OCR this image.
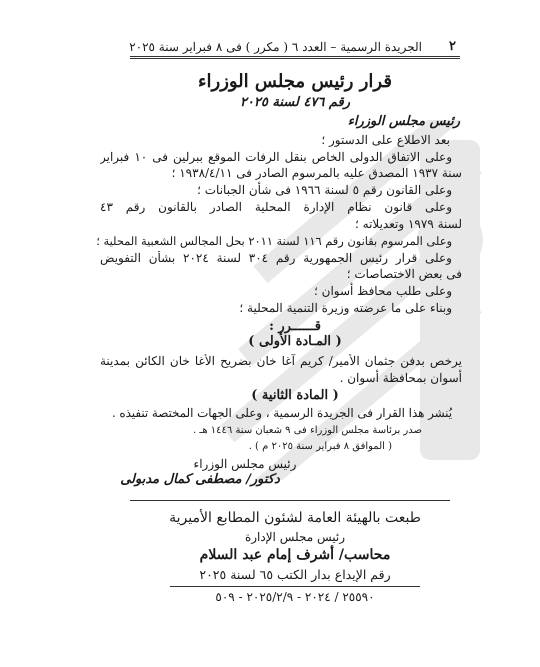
٢
الجريدة الرسمية – العدد ٦ ( مكرر ) فى ٨ فبراير سنة ٢٠٢٥
قرار رئيس مجلس الوزراء
رقم ٤٧٦ لسنة ٢٠٢٥
رئيس مجلس الوزراء
بعد الاطلاع على الدستور ؛
وعلى الاتفاق الدولى الخاص بنقل الرفات الموقع ببرلين فى ١٠ فبراير
سنة ١٩٣٧ المصدق عليه بالمرسوم الصادر فى ١٩٣٨/٤/١١ ؛
وعلى القانون رقم ٥ لسنة ١٩٦٦ فى شأن الجبانات ؛
وعلى قانون نظام الإدارة المحلية الصادر بالقانون رقم ٤٣
لسنة ١٩٧٩ وتعديلاته ؛
وعلى المرسوم بقانون رقم ١١٦ لسنة ٢٠١١ بحل المجالس الشعبية المحلية ؛
وعلى قرار رئيس الجمهورية رقم ٣٠٤ لسنة ٢٠٢٤ بشأن التفويض
فى بعض الاختصاصات ؛
وعلى طلب محافظ أسوان ؛
وبناء على ما عرضته وزيرة التنمية المحلية ؛
قــــــرر :
( المـادة الأولى )
يرخص بدفن جثمان الأمير/ كريم آغا خان بضريح الأغا خان الكائن بمدينة
أسوان بمحافظة أسوان .
( المادة الثانية )
يُنشر هذا القرار فى الجريدة الرسمية ، وعلى الجهات المختصة تنفيذه .
صدر برئاسة مجلس الوزراء فى ٩ شعبان سنة ١٤٤٦ هـ .
( الموافق ٨ فبراير سنة ٢٠٢٥ م ) .
رئيس مجلس الوزراء
دكتور/ مصطفى كمال مدبولى
طبعت بالهيئة العامة لشئون المطابع الأميرية
رئيس مجلس الإدارة
محاسب/ أشرف إمام عبد السلام
رقم الإيداع بدار الكتب ٦٥ لسنة ٢٠٢٥
٢٥٥٩٠ / ٢٠٢٤ - ٢٠٢٥/٢/٩ - ٥٠٩
